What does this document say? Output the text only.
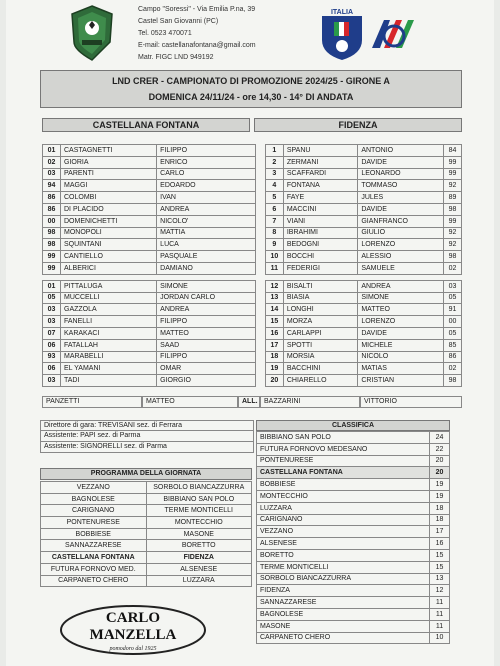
Campo "Soressi" - Via Emilia P.na, 39
Castel San Giovanni (PC)
Tel. 0523 470071
E-mail: castellanafontana@gmail.com
Matr. FIGC LND 949192
ITALIA
LND CRER - CAMPIONATO DI PROMOZIONE 2024/25 - GIRONE A
DOMENICA 24/11/24 - ore 14,30 - 14° DI ANDATA
CASTELLANA FONTANA	FIDENZA
01	CASTAGNETTI	FILIPPO		1	SPANU	ANTONIO	84
02	GIORIA	ENRICO		2	ZERMANI	DAVIDE	99
03	PARENTI	CARLO		3	SCAFFARDI	LEONARDO	99
94	MAGGI	EDOARDO		4	FONTANA	TOMMASO	92
86	COLOMBI	IVAN		5	FAYE	JULES	89
86	DI PLACIDO	ANDREA		6	MACCINI	DAVIDE	98
00	DOMENICHETTI	NICOLO'		7	VIANI	GIANFRANCO	99
98	MONOPOLI	MATTIA		8	IBRAHIMI	GIULIO	92
98	SQUINTANI	LUCA		9	BEDOGNI	LORENZO	92
99	CANTIELLO	PASQUALE		10	BOCCHI	ALESSIO	98
99	ALBERICI	DAMIANO		11	FEDERIGI	SAMUELE	02

01	PITTALUGA	SIMONE		12	BISALTI	ANDREA	03
05	MUCCELLI	JORDAN CARLO		13	BIASIA	SIMONE	05
03	GAZZOLA	ANDREA		14	LONGHI	MATTEO	91
03	FANELLI	FILIPPO		15	MORZA	LORENZO	00
07	KARAKACI	MATTEO		16	CARLAPPI	DAVIDE	05
06	FATALLAH	SAAD		17	SPOTTI	MICHELE	85
93	MARABELLI	FILIPPO		18	MORSIA	NICOLO	86
06	EL YAMANI	OMAR		19	BACCHINI	MATIAS	02
03	TADI	GIORGIO		20	CHIARELLO	CRISTIAN	98
PANZETTI	MATTEO	ALL. BAZZARINI	VITTORIO
Direttore di gara: TREVISANI sez. di Ferrara
Assistente: PAPI sez. di Parma
Assistente: SIGNORELLI sez. di Parma
PROGRAMMA DELLA GIORNATA
VEZZANO	SORBOLO BIANCAZZURRA
BAGNOLESE	BIBBIANO SAN POLO
CARIGNANO	TERME MONTICELLI
PONTENURESE	MONTECCHIO
BOBBIESE	MASONE
SANNAZZARESE	BORETTO
CASTELLANA FONTANA	FIDENZA
FUTURA FORNOVO MED.	ALSENESE
CARPANETO CHERO	LUZZARA
CARLO
MANZELLA
pomodoro dal 1925
CLASSIFICA
BIBBIANO SAN POLO	24
FUTURA FORNOVO MEDESANO	22
PONTENURESE	20
CASTELLANA FONTANA	20
BOBBIESE	19
MONTECCHIO	19
LUZZARA	18
CARIGNANO	18
VEZZANO	17
ALSENESE	16
BORETTO	15
TERME MONTICELLI	15
SORBOLO BIANCAZZURRA	13
FIDENZA	12
SANNAZZARESE	11
BAGNOLESE	11
MASONE	11
CARPANETO CHERO	10
